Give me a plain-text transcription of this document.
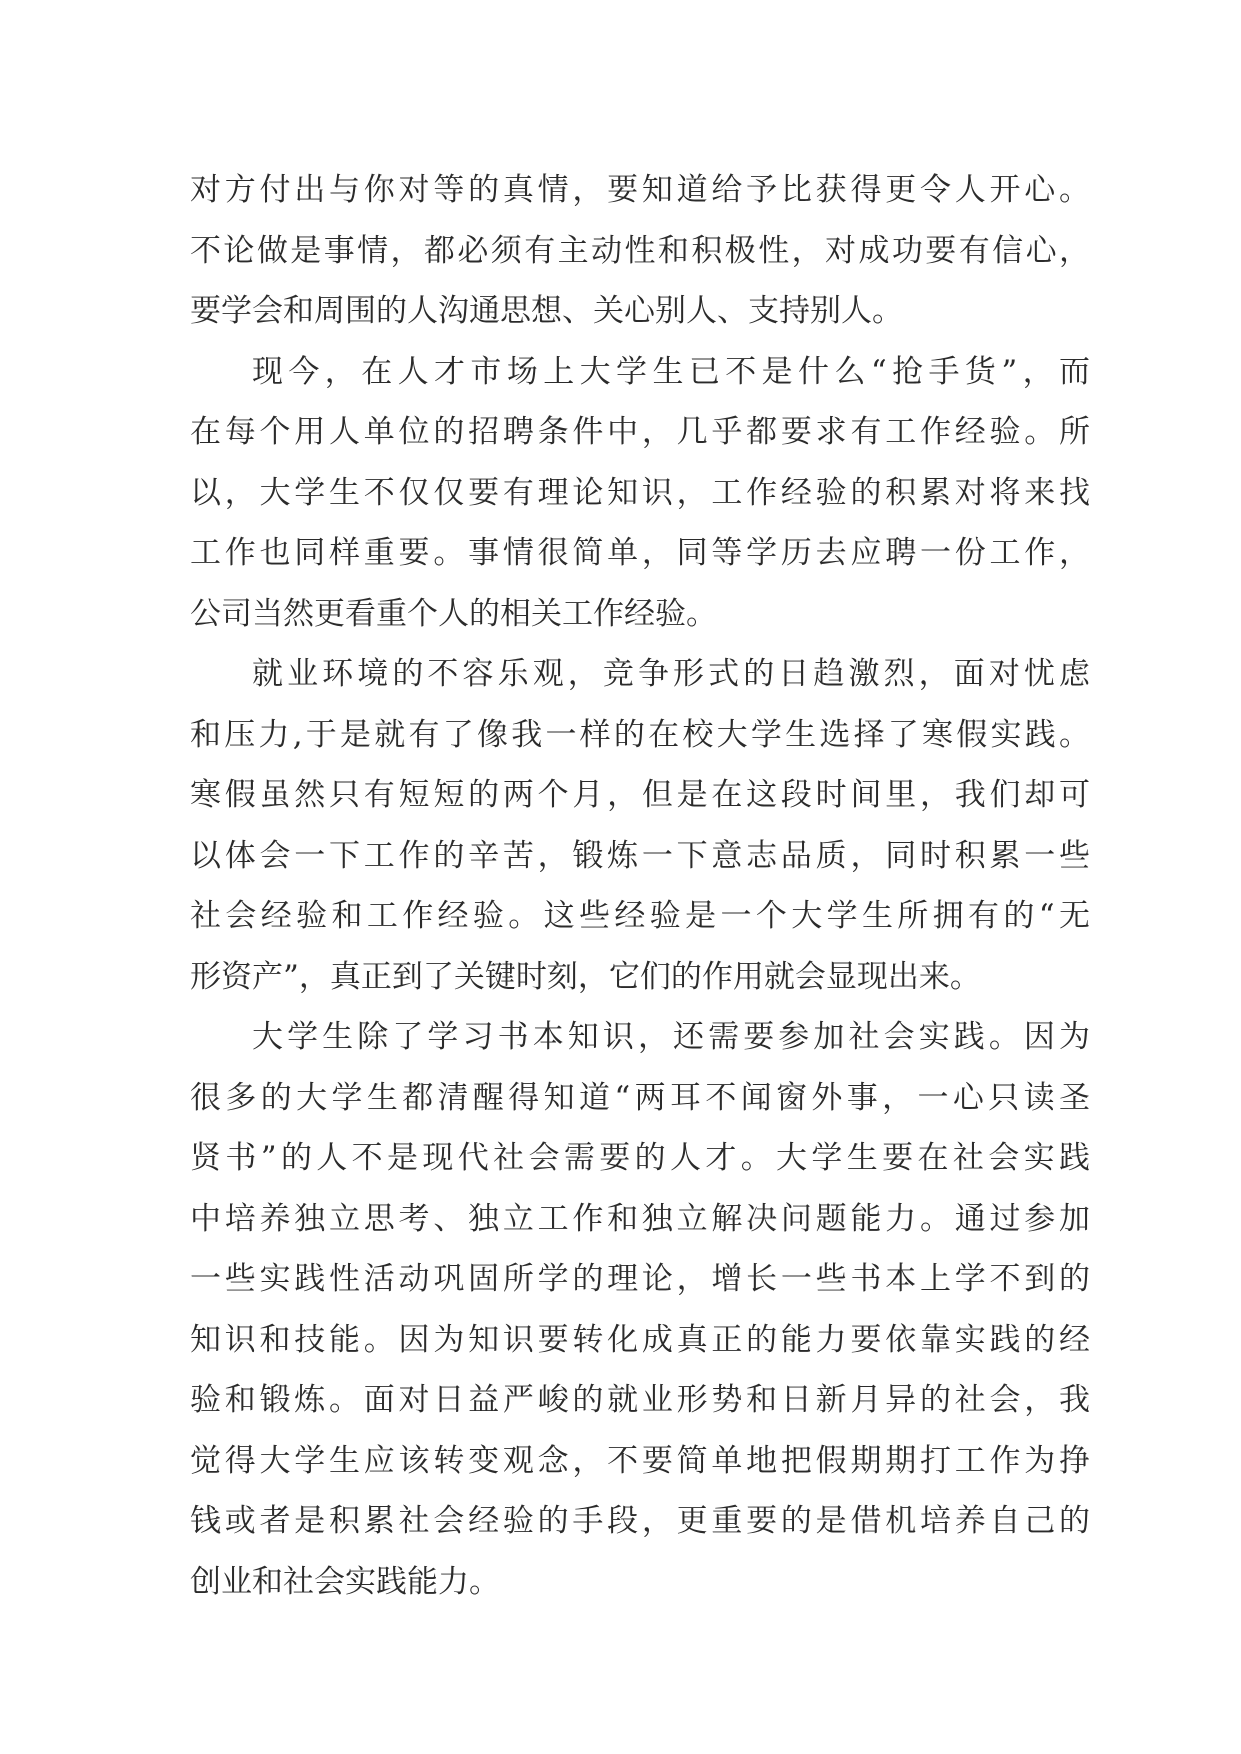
对方付出与你对等的真情，要知道给予比获得更令人开心。
不论做是事情，都必须有主动性和积极性，对成功要有信心，
要学会和周围的人沟通思想、关心别人、支持别人。
现今，在人才市场上大学生已不是什么“抢手货”，而
在每个用人单位的招聘条件中，几乎都要求有工作经验。所
以，大学生不仅仅要有理论知识，工作经验的积累对将来找
工作也同样重要。事情很简单，同等学历去应聘一份工作，
公司当然更看重个人的相关工作经验。
就业环境的不容乐观，竞争形式的日趋激烈，面对忧虑
和压力,于是就有了像我一样的在校大学生选择了寒假实践。
寒假虽然只有短短的两个月，但是在这段时间里，我们却可
以体会一下工作的辛苦，锻炼一下意志品质，同时积累一些
社会经验和工作经验。这些经验是一个大学生所拥有的“无
形资产”，真正到了关键时刻，它们的作用就会显现出来。
大学生除了学习书本知识，还需要参加社会实践。因为
很多的大学生都清醒得知道“两耳不闻窗外事，一心只读圣
贤书”的人不是现代社会需要的人才。大学生要在社会实践
中培养独立思考、独立工作和独立解决问题能力。通过参加
一些实践性活动巩固所学的理论，增长一些书本上学不到的
知识和技能。因为知识要转化成真正的能力要依靠实践的经
验和锻炼。面对日益严峻的就业形势和日新月异的社会，我
觉得大学生应该转变观念，不要简单地把假期期打工作为挣
钱或者是积累社会经验的手段，更重要的是借机培养自己的
创业和社会实践能力。
